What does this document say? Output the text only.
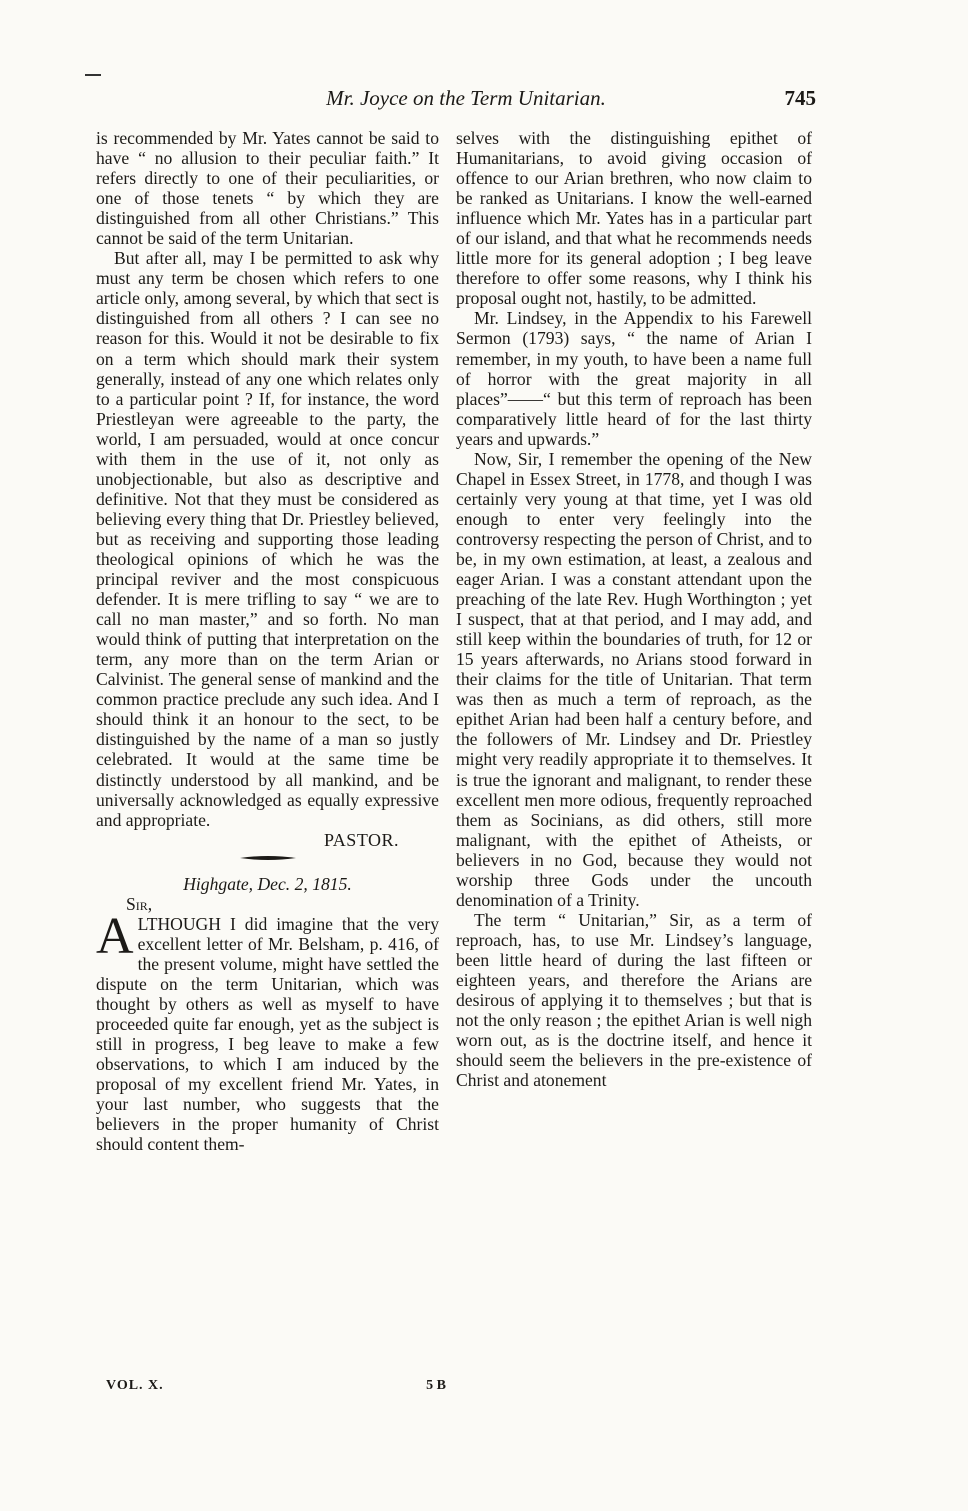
Mr. Joyce on the Term Unitarian.	745

is recommended by Mr. Yates cannot be said to have “ no allusion to their peculiar faith.” It refers directly to one of their peculiarities, or one of those tenets “ by which they are distinguished from all other Christians.” This cannot be said of the term Unitarian.

But after all, may I be permitted to ask why must any term be chosen which refers to one article only, among several, by which that sect is distinguished from all others ? I can see no reason for this. Would it not be desirable to fix on a term which should mark their system generally, instead of any one which relates only to a particular point ? If, for instance, the word Priestleyan were agreeable to the party, the world, I am persuaded, would at once concur with them in the use of it, not only as unobjectionable, but also as descriptive and definitive. Not that they must be considered as believing every thing that Dr. Priestley believed, but as receiving and supporting those leading theological opinions of which he was the principal reviver and the most conspicuous defender. It is mere trifling to say “ we are to call no man master,” and so forth. No man would think of putting that interpretation on the term, any more than on the term Arian or Calvinist. The general sense of mankind and the common practice preclude any such idea. And I should think it an honour to the sect, to be distinguished by the name of a man so justly celebrated. It would at the same time be distinctly understood by all mankind, and be universally acknowledged as equally expressive and appropriate.

PASTOR.

Highgate, Dec. 2, 1815.

Sir,

ALTHOUGH I did imagine that the very excellent letter of Mr. Belsham, p. 416, of the present volume, might have settled the dispute on the term Unitarian, which was thought by others as well as myself to have proceeded quite far enough, yet as the subject is still in progress, I beg leave to make a few observations, to which I am induced by the proposal of my excellent friend Mr. Yates, in your last number, who suggests that the believers in the proper humanity of Christ should content them-

selves with the distinguishing epithet of Humanitarians, to avoid giving occasion of offence to our Arian brethren, who now claim to be ranked as Unitarians. I know the well-earned influence which Mr. Yates has in a particular part of our island, and that what he recommends needs little more for its general adoption ; I beg leave therefore to offer some reasons, why I think his proposal ought not, hastily, to be admitted.

Mr. Lindsey, in the Appendix to his Farewell Sermon (1793) says, “ the name of Arian I remember, in my youth, to have been a name full of horror with the great majority in all places”——“ but this term of reproach has been comparatively little heard of for the last thirty years and upwards.”

Now, Sir, I remember the opening of the New Chapel in Essex Street, in 1778, and though I was certainly very young at that time, yet I was old enough to enter very feelingly into the controversy respecting the person of Christ, and to be, in my own estimation, at least, a zealous and eager Arian. I was a constant attendant upon the preaching of the late Rev. Hugh Worthington ; yet I suspect, that at that period, and I may add, and still keep within the boundaries of truth, for 12 or 15 years afterwards, no Arians stood forward in their claims for the title of Unitarian. That term was then as much a term of reproach, as the epithet Arian had been half a century before, and the followers of Mr. Lindsey and Dr. Priestley might very readily appropriate it to themselves. It is true the ignorant and malignant, to render these excellent men more odious, frequently reproached them as Socinians, as did others, still more malignant, with the epithet of Atheists, or believers in no God, because they would not worship three Gods under the uncouth denomination of a Trinity.

The term “ Unitarian,” Sir, as a term of reproach, has, to use Mr. Lindsey’s language, been little heard of during the last fifteen or eighteen years, and therefore the Arians are desirous of applying it to themselves ; but that is not the only reason ; the epithet Arian is well nigh worn out, as is the doctrine itself, and hence it should seem the believers in the pre-existence of Christ and atonement

VOL. X.	5 B
